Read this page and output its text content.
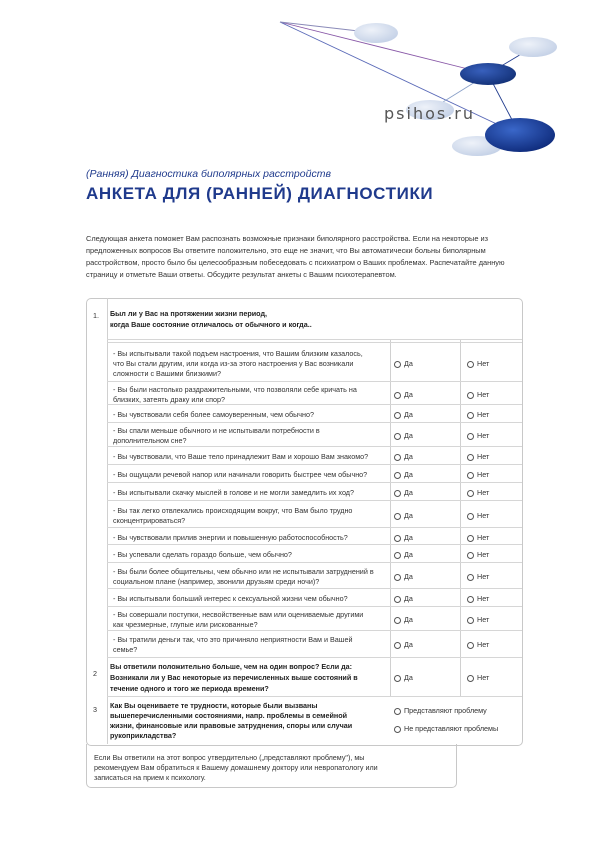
psihos.ru
(Ранняя) Диагностика биполярных расстройств
АНКЕТА ДЛЯ (РАННЕЙ) ДИАГНОСТИКИ
Следующая анкета поможет Вам распознать возможные признаки биполярного расстройства. Если на некоторые из предложенных вопросов Вы ответите положительно, это еще не значит, что Вы автоматически больны биполярным расстройством, просто было бы целесообразным побеседовать с психиатром о Ваших проблемах. Распечатайте данную страницу и отметьте Ваши ответы. Обсудите результат анкеты с Вашим психотерапевтом.
1. Был ли у Вас на протяжении жизни период,
когда Ваше состояние отличалось от обычного и когда..
- Вы испытывали такой подъем настроения, что Вашим близким казалось,
что Вы стали другим, или когда из-за этого настроения у Вас возникали
сложности с Вашими близкими?
Да	Нет
- Вы были настолько раздражительными, что позволяли себе кричать на
близких, затеять драку или спор?
Да	Нет
- Вы чувствовали себя более самоуверенным, чем обычно?	Да	Нет
- Вы спали меньше обычного и не испытывали потребности в
дополнительном сне?
Да	Нет
- Вы чувствовали, что Ваше тело принадлежит Вам и хорошо Вам знакомо?	Да	Нет
- Вы ощущали речевой напор или начинали говорить быстрее чем обычно?	Да	Нет
- Вы испытывали скачку мыслей в голове и не могли замедлить их ход?	Да	Нет
- Вы так легко отвлекались происходящим вокруг, что Вам было трудно
сконцентрироваться?
Да	Нет
- Вы чувствовали прилив энергии и повышенную работоспособность?	Да	Нет
- Вы успевали сделать гораздо больше, чем обычно?	Да	Нет
- Вы были более общительны, чем обычно или не испытывали затруднений в
социальном плане (например, звонили друзьям среди ночи)?
Да	Нет
- Вы испытывали больший интерес к сексуальной жизни чем обычно?	Да	Нет
- Вы совершали поступки, несвойственные вам или оцениваемые другими
как чрезмерные, глупые или рискованные?
Да	Нет
- Вы тратили деньги так, что это причиняло неприятности Вам и Вашей
семье?
Да	Нет
2
Вы ответили положительно больше, чем на один вопрос? Если да:
Возникали ли у Вас некоторые из перечисленных выше состояний в
течение одного и того же периода времени?
Да	Нет
3 Как Вы оцениваете те трудности, которые были вызваны
вышеперечисленными состояниями, напр. проблемы в семейной
жизни, финансовые или правовые затруднения, споры или случаи
рукоприкладства?
Представляют проблему
Не представляют проблемы
Если Вы ответили на этот вопрос утвердительно („представляют проблему"), мы рекомендуем Вам обратиться к Вашему домашнему доктору или невропатологу или записаться на прием к психологу.
